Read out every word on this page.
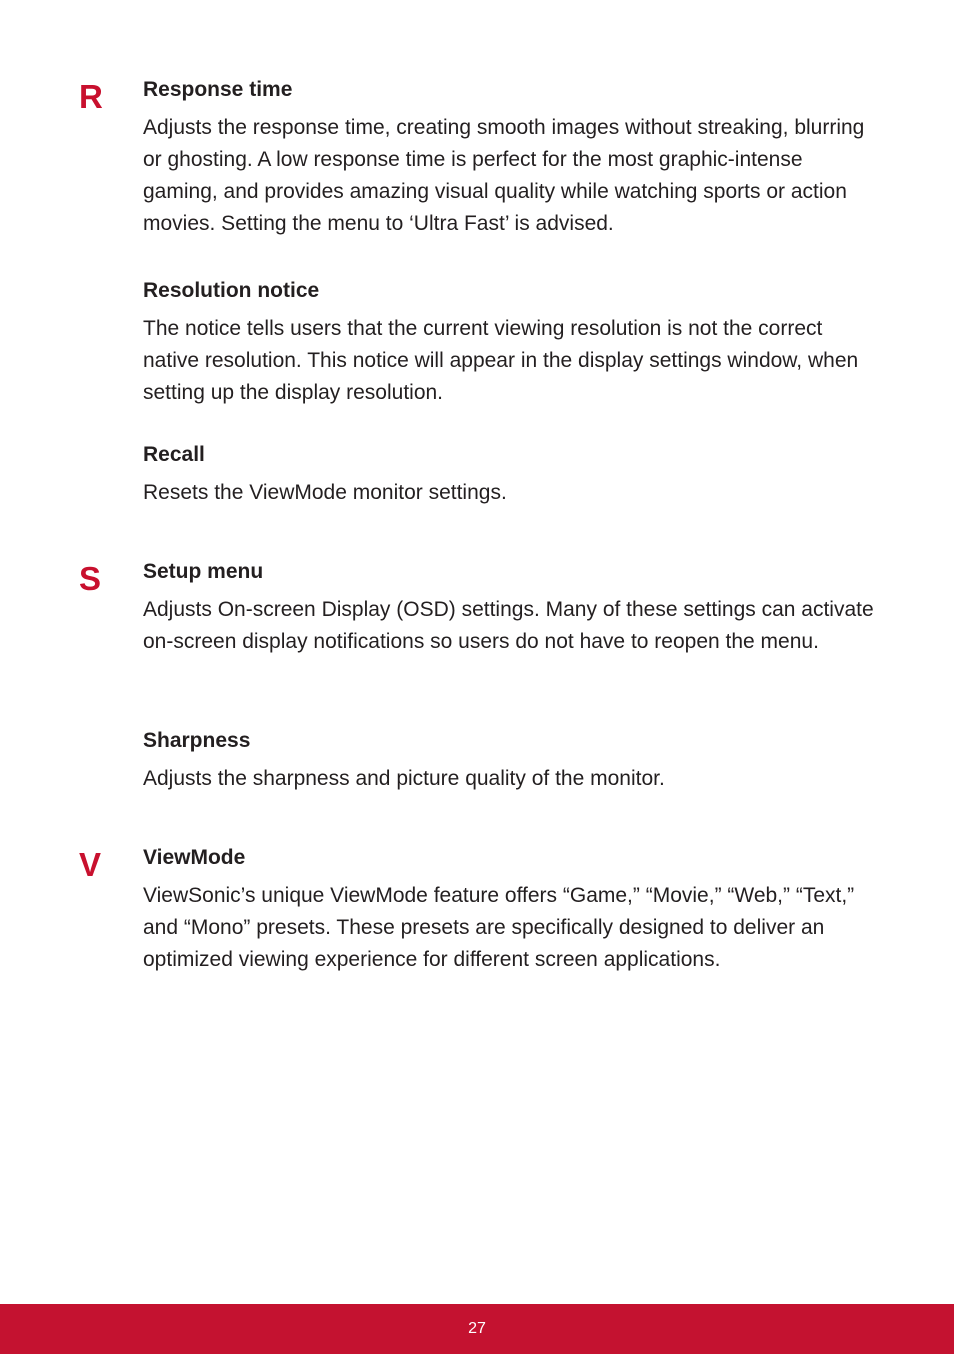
R Response time

Adjusts the response time, creating smooth images without streaking, blurring or ghosting. A low response time is perfect for the most graphic-intense gaming, and provides amazing visual quality while watching sports or action movies. Setting the menu to ‘Ultra Fast’ is advised.

Resolution notice

The notice tells users that the current viewing resolution is not the correct native resolution. This notice will appear in the display settings window, when setting up the display resolution.

Recall

Resets the ViewMode monitor settings.

S Setup menu

Adjusts On-screen Display (OSD) settings. Many of these settings can activate on-screen display notifications so users do not have to reopen the menu.

Sharpness

Adjusts the sharpness and picture quality of the monitor.

V ViewMode

ViewSonic’s unique ViewMode feature offers “Game,” “Movie,” “Web,” “Text,” and “Mono” presets. These presets are specifically designed to deliver an optimized viewing experience for different screen applications.

27
